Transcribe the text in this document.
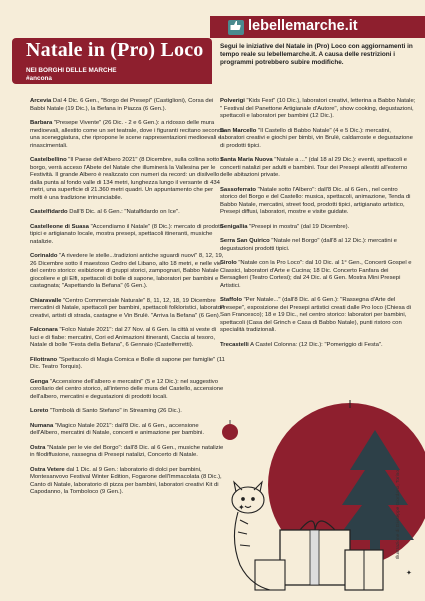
lebellemarche.it
Natale in (Pro) Loco
NEI BORGHI DELLE MARCHE
#ancona
Segui le iniziative del Natale in (Pro) Loco con aggiornamenti in tempo reale su lebellemarche.it. A causa delle restrizioni i programmi potrebbero subire modifiche.
Arcevia Dal 4 Dic. 6 Gen., "Borgo dei Presepi" (Castiglioni), Corsa dei Babbi Natale (19 Dic.), la Befana in Piazza (6 Gen.).
Barbara "Presepe Vivente" (26 Dic. - 2 e 6 Gen.): a ridosso delle mura medioevali, allestito come un set teatrale, dove i figuranti recitano secondo una sceneggiatura, che ripropone le scene rappresentazioni medioevali e rinascimentali.
Castelbellino "Il Paese dell'Albero 2021" (8 Dicembre, sulla collina sotto il borgo, verrà acceso l'Abete del Natale che illuminerà la Vallesina per le Festività. Il grande Albero è realizzato con numeri da record: un disilvello dalla punta al fondo valle di 134 metri, lunghezza lungo il versante di 434 metri, una superficie di 21.360 metri quadri. Un appuntamento che per molti è una tradizione irrinunciabile.
Castelfidardo Dall'8 Dic. al 6 Gen.: "Natalfidardo on Ice".
Castelleone di Suasa "Accendiamo il Natale" (8 Dic.): mercato di prodotti tipici e artigianato locale, mostra presepi, spettacoli itineranti, musiche natalizie.
Corinaldo "A rivedere le stelle...tradizioni antiche sguardi nuovi" 8, 12, 19, 26 Dicembre sotto il maestoso Cedro del Libano, alto 18 metri, e nelle vie del centro storico: esibizione di gruppi storici, zampognari, Babbo Natale giocoliere e gli Elfi, spettacoli di bolle di sapone, laboratori per bambini e castagnata; "Aspettando la Befana" (6 Gen.).
Chiaravalle "Centro Commerciale Naturale" 8, 11, 12, 18, 19 Dicembre mercatini di Natale, spettacoli per bambini, spettacoli folkloristici, laboratori creativi, artisti di strada, castagne e Vin Brulè. "Arriva la Befana" (6 Gen).
Falconara "Folco Natale 2021": dal 27 Nov. al 6 Gen. la città si veste di luci e di fiabe: mercatini, Cori ed Animazioni itineranti, Caccia al tesoro, Natale di bolle "Festa della Befana", 6 Gennaio (Castelferretti).
Filottrano "Spettacolo di Magia Comica e Bolle di sapone per famiglie" (11 Dic. Teatro Torquis).
Genga "Accensione dell'albero e mercatini" (5 e 12 Dic.): nel suggestivo corollario del centro storico, all'interno delle mura del Castello, accensione dell'albero, mercatini e degustazioni di prodotti locali.
Loreto "Tombolà di Santo Stefano" in Streaming (26 Dic.).
Numana "Magico Natale 2021": dall'8 Dic. al 6 Gen., accensione dell'Albero, mercatini di Natale, concerti e animazione per bambini.
Ostra "Natale per le vie del Borgo": dall'8 Dic. al 6 Gen., musiche natalizie in filodiffusione, rassegna di Presepi natalizi, Concerto di Natale.
Ostra Vetere dal 1 Dic. al 9 Gen.: laboratorio di dolci per bambini, Montesanvovo Festival Winter Edition, Fogarone dell'Immacolata (8 Dic.), Canto di Natale, laboratorio di pizza per bambini, laboratori creativi Kit di Capodanno, la Tomboloco (9 Gen.).
Polverigi "Kids Fest" (10 Dic.), laboratori creativi, letterina a Babbo Natale; " Festival del Panettone Artigianale d'Autore", show cooking, degustazioni, spettacoli e laboratori per bambini (12 Dic.).
San Marcello "Il Castello di Babbo Natale" (4 e 5 Dic.): mercatini, laboratori creativi e giochi per bimbi, vin Brulè, caldarroste e degustazione di prodotti tipici.
Santa Maria Nuova "Natale a ..." (dal 18 al 29 Dic.): eventi, spettacoli e concerti natalizi per adulti e bambini. Tour dei Presepi allestiti all'esterno delle abitazioni private.
Sassoferrato "Natale sotto l'Albero": dall'8 Dic. al 6 Gen., nel centro storico del Borgo e del Castello: musica, spettacoli, animazione, Tenda di Babbo Natale, mercatini, street food, prodotti tipici, artigianato artistico, Presepi diffusi, laboratori, mostre e visite guidate.
Senigallia "Presepi in mostra" (dal 19 Dicembre).
Serra San Quirico "Natale nel Borgo" (dall'8 al 12 Dic.): mercatini e degustazioni prodotti tipici.
Sirolo "Natale con la Pro Loco": dal 10 Dic. al 1° Gen., Concerti Gospel e Classici, laboratori d'Arte e Cucina; 18 Dic. Concerto Fanfara dei Bersaglieri (Teatro Cortesi); dal 24 Dic. al 6 Gen. Mostra Mini Presepi Artistici.
Staffolo "Per Natale..." (dall'8 Dic. al 6 Gen.): "Rassegna d'Arte del Presepe", esposizione dei Presepi artistici creati dalle Pro loco (Chiesa di San Francesco); 18 e 19 Dic., nel centro storico: laboratori per bambini, spettacoli (Casa del Grinch e Casa di Babbo Natale), punti ristoro con specialità tradizionali.
Trecastelli A Castel Colonna: (12 Dic.): "Pomeriggio di Festa".
✦
✦
Illustrazione di Giuseppe Giordano, Torino
